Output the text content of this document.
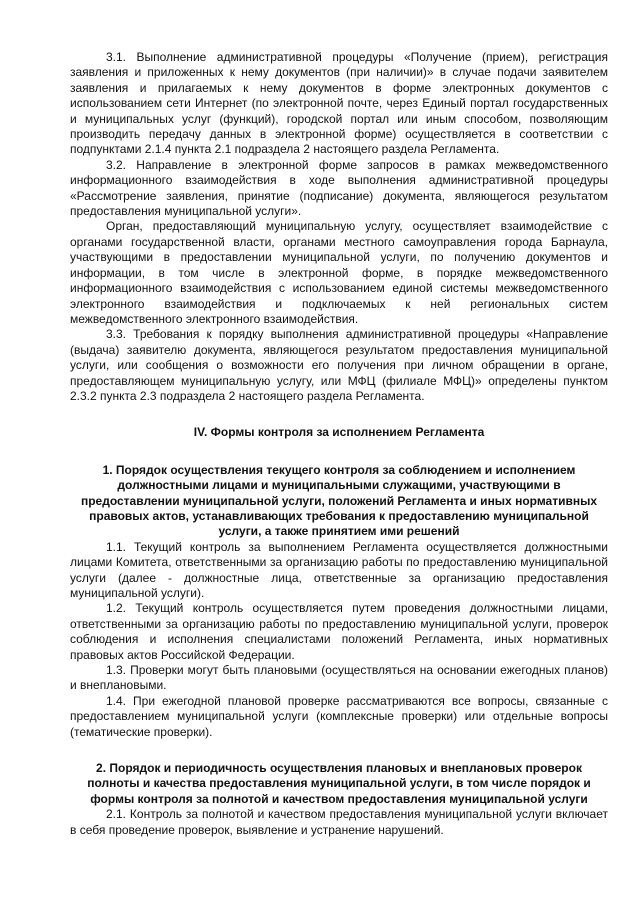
3.1. Выполнение административной процедуры «Получение (прием), регистрация заявления и приложенных к нему документов (при наличии)» в случае подачи заявителем заявления и прилагаемых к нему документов в форме электронных документов с использованием сети Интернет (по электронной почте, через Единый портал государственных и муниципальных услуг (функций), городской портал или иным способом, позволяющим производить передачу данных в электронной форме) осуществляется в соответствии с подпунктами 2.1.4 пункта 2.1 подраздела 2 настоящего раздела Регламента.

3.2. Направление в электронной форме запросов в рамках межведомственного информационного взаимодействия в ходе выполнения административной процедуры «Рассмотрение заявления, принятие (подписание) документа, являющегося результатом предоставления муниципальной услуги».

Орган, предоставляющий муниципальную услугу, осуществляет взаимодействие с органами государственной власти, органами местного самоуправления города Барнаула, участвующими в предоставлении муниципальной услуги, по получению документов и информации, в том числе в электронной форме, в порядке межведомственного информационного взаимодействия с использованием единой системы межведомственного электронного взаимодействия и подключаемых к ней региональных систем межведомственного электронного взаимодействия.

3.3. Требования к порядку выполнения административной процедуры «Направление (выдача) заявителю документа, являющегося результатом предоставления муниципальной услуги, или сообщения о возможности его получения при личном обращении в органе, предоставляющем муниципальную услугу, или МФЦ (филиале МФЦ)» определены пунктом 2.3.2 пункта 2.3 подраздела 2 настоящего раздела Регламента.

IV. Формы контроля за исполнением Регламента

1. Порядок осуществления текущего контроля за соблюдением и исполнением должностными лицами и муниципальными служащими, участвующими в предоставлении муниципальной услуги, положений Регламента и иных нормативных правовых актов, устанавливающих требования к предоставлению муниципальной услуги, а также принятием ими решений

1.1. Текущий контроль за выполнением Регламента осуществляется должностными лицами Комитета, ответственными за организацию работы по предоставлению муниципальной услуги (далее - должностные лица, ответственные за организацию предоставления муниципальной услуги).

1.2. Текущий контроль осуществляется путем проведения должностными лицами, ответственными за организацию работы по предоставлению муниципальной услуги, проверок соблюдения и исполнения специалистами положений Регламента, иных нормативных правовых актов Российской Федерации.

1.3. Проверки могут быть плановыми (осуществляться на основании ежегодных планов) и внеплановыми.

1.4. При ежегодной плановой проверке рассматриваются все вопросы, связанные с предоставлением муниципальной услуги (комплексные проверки) или отдельные вопросы (тематические проверки).

2. Порядок и периодичность осуществления плановых и внеплановых проверок полноты и качества предоставления муниципальной услуги, в том числе порядок и формы контроля за полнотой и качеством предоставления муниципальной услуги

2.1. Контроль за полнотой и качеством предоставления муниципальной услуги включает в себя проведение проверок, выявление и устранение нарушений.
